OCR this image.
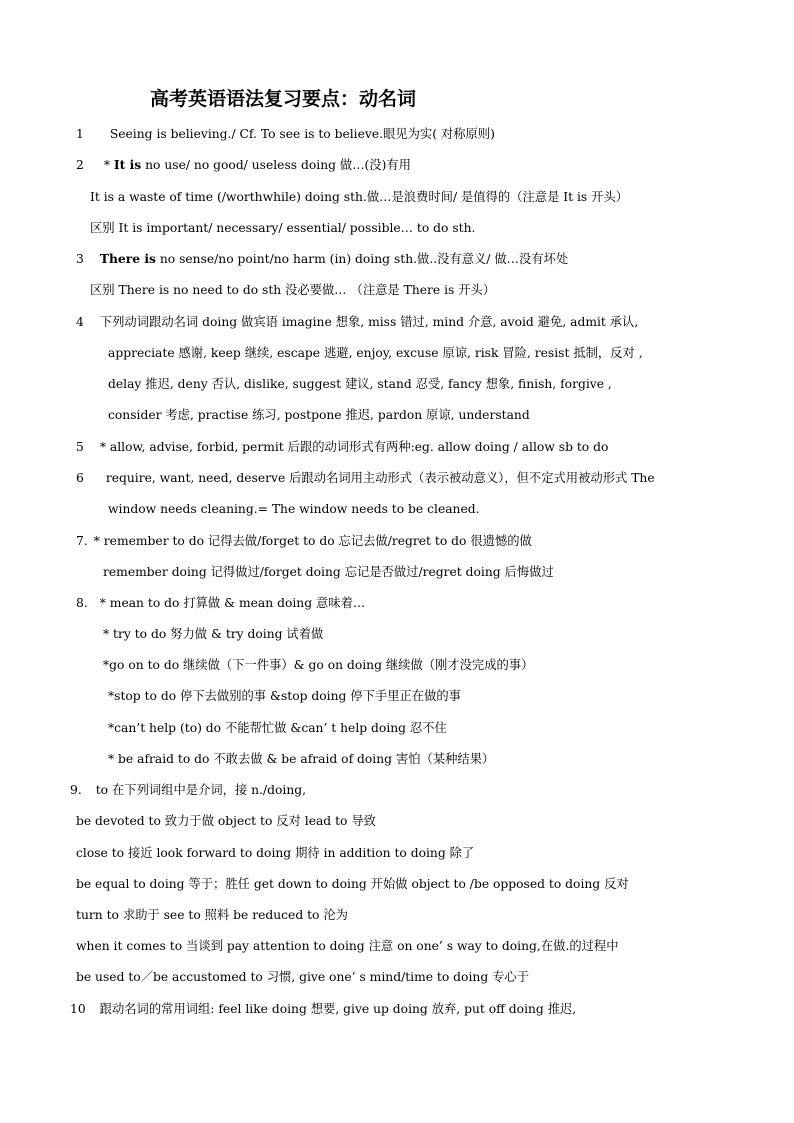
高考英语语法复习要点：动名词
1 Seeing is believing./ Cf. To see is to believe.眼见为实( 对称原则)
2 * It is no use/ no good/ useless doing 做…(没)有用
It is a waste of time (/worthwhile) doing sth.做…是浪费时间/ 是值得的（注意是 It is 开头）
区别 It is important/ necessary/ essential/ possible… to do sth.
3 There is no sense/no point/no harm (in) doing sth.做..没有意义/ 做…没有坏处
区别 There is no need to do sth 没必要做… （注意是 There is 开头）
4 下列动词跟动名词 doing 做宾语 imagine 想象, miss 错过, mind 介意, avoid 避免, admit 承认,
appreciate 感谢, keep 继续, escape 逃避, enjoy, excuse 原谅, risk 冒险, resist 抵制，反对 ,
delay 推迟, deny 否认, dislike, suggest 建议, stand 忍受, fancy 想象, finish, forgive ,
consider 考虑, practise 练习, postpone 推迟, pardon 原谅, understand
5 * allow, advise, forbid, permit 后跟的动词形式有两种:eg. allow doing / allow sb to do
6 require, want, need, deserve 后跟动名词用主动形式（表示被动意义），但不定式用被动形式 The
window needs cleaning.= The window needs to be cleaned.
7. * remember to do 记得去做/forget to do 忘记去做/regret to do 很遗憾的做
remember doing 记得做过/forget doing 忘记是否做过/regret doing 后悔做过
8. * mean to do 打算做 & mean doing 意味着…
* try to do 努力做 & try doing 试着做
*go on to do 继续做（下一件事）& go on doing 继续做（刚才没完成的事）
*stop to do 停下去做别的事 &stop doing 停下手里正在做的事
*can’t help (to) do 不能帮忙做 &can’ t help doing 忍不住
* be afraid to do 不敢去做 & be afraid of doing 害怕（某种结果）
9. to 在下列词组中是介词，接 n./doing,
be devoted to 致力于做 object to 反对 lead to 导致
close to 接近 look forward to doing 期待 in addition to doing 除了
be equal to doing 等于；胜任 get down to doing 开始做 object to /be opposed to doing 反对
turn to 求助于 see to 照料 be reduced to 沦为
when it comes to 当谈到 pay attention to doing 注意 on one’ s way to doing,在做.的过程中
be used to／be accustomed to 习惯, give one’ s mind/time to doing 专心于
10 跟动名词的常用词组: feel like doing 想要, give up doing 放弃, put off doing 推迟,
